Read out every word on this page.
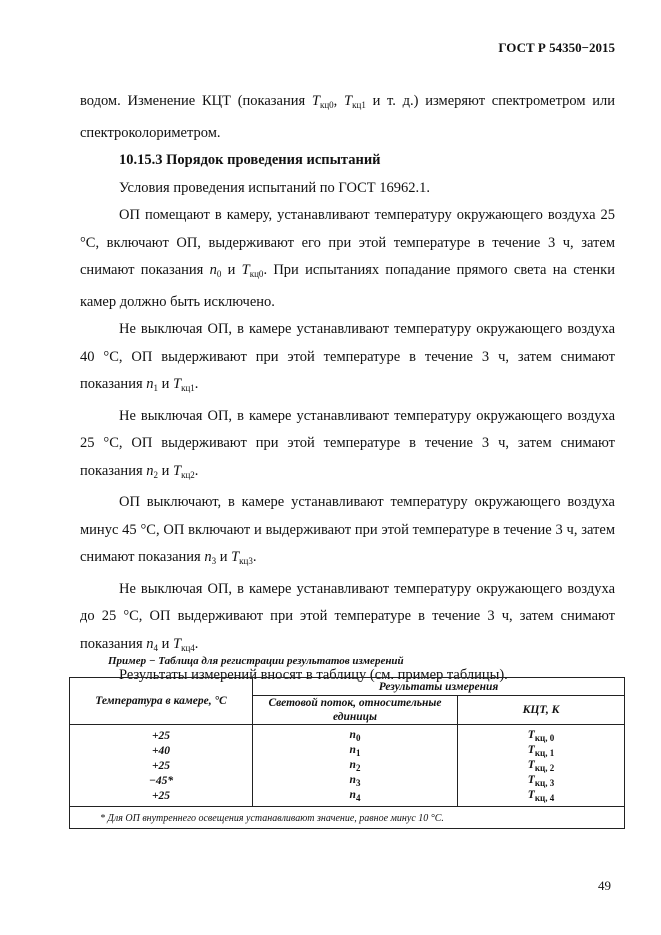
ГОСТ Р 54350−2015

водом. Изменение КЦТ (показания $Т_{кц0}$, $Т_{кц1}$ и т. д.) измеряют спектрометром или спектроколориметром.

10.15.3 Порядок проведения испытаний

Условия проведения испытаний по ГОСТ 16962.1.

ОП помещают в камеру, устанавливают температуру окружающего воздуха 25 °С, включают ОП, выдерживают его при этой температуре в течение 3 ч, затем снимают показания $n_0$ и $Т_{кц0}$. При испытаниях попадание прямого света на стенки камер должно быть исключено.

Не выключая ОП, в камере устанавливают температуру окружающего воздуха 40 °С, ОП выдерживают при этой температуре в течение 3 ч, затем снимают показания $n_1$ и $Т_{кц1}$.

Не выключая ОП, в камере устанавливают температуру окружающего воздуха 25 °С, ОП выдерживают при этой температуре в течение 3 ч, затем снимают показания $n_2$ и $Т_{кц2}$.

ОП выключают, в камере устанавливают температуру окружающего воздуха минус 45 °С, ОП включают и выдерживают при этой температуре в течение 3 ч, затем снимают показания $n_3$ и $Т_{кц3}$.

Не выключая ОП, в камере устанавливают температуру окружающего воздуха до 25 °С, ОП выдерживают при этой температуре в течение 3 ч, затем снимают показания $n_4$ и $Т_{кц4}$.

Результаты измерений вносят в таблицу (см. пример таблицы).

Пример − Таблица для регистрации результатов измерений
Температура в камере, °С	Результаты измерения	
	Световой поток, относительные единицы	КЦТ, К
+25	$n_0$	$Т_{кц, 0}$
+40	$n_1$	$Т_{кц, 1}$
+25	$n_2$	$Т_{кц, 2}$
−45*	$n_3$	$Т_{кц, 3}$
+25	$n_4$	$Т_{кц, 4}$
* Для ОП внутреннего освещения устанавливают значение, равное минус 10 °С.
49
